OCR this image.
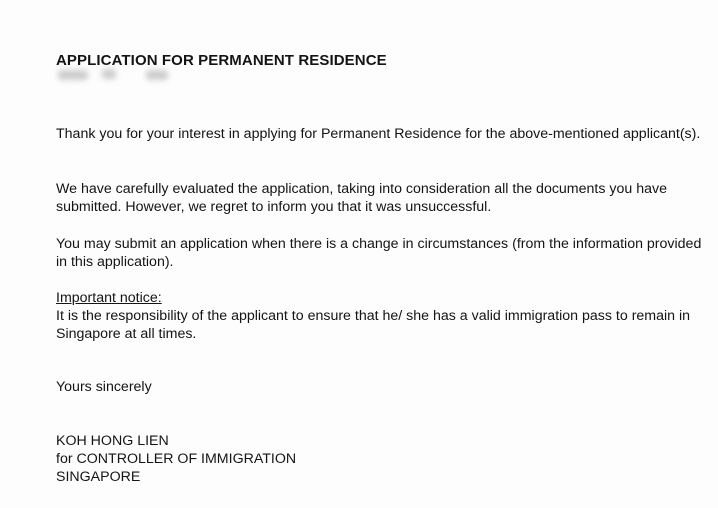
APPLICATION FOR PERMANENT RESIDENCE

Thank you for your interest in applying for Permanent Residence for the above-mentioned applicant(s).

We have carefully evaluated the application, taking into consideration all the documents you have submitted. However, we regret to inform you that it was unsuccessful.

You may submit an application when there is a change in circumstances (from the information provided in this application).

Important notice:
It is the responsibility of the applicant to ensure that he/ she has a valid immigration pass to remain in Singapore at all times.

Yours sincerely

KOH HONG LIEN
for CONTROLLER OF IMMIGRATION
SINGAPORE
